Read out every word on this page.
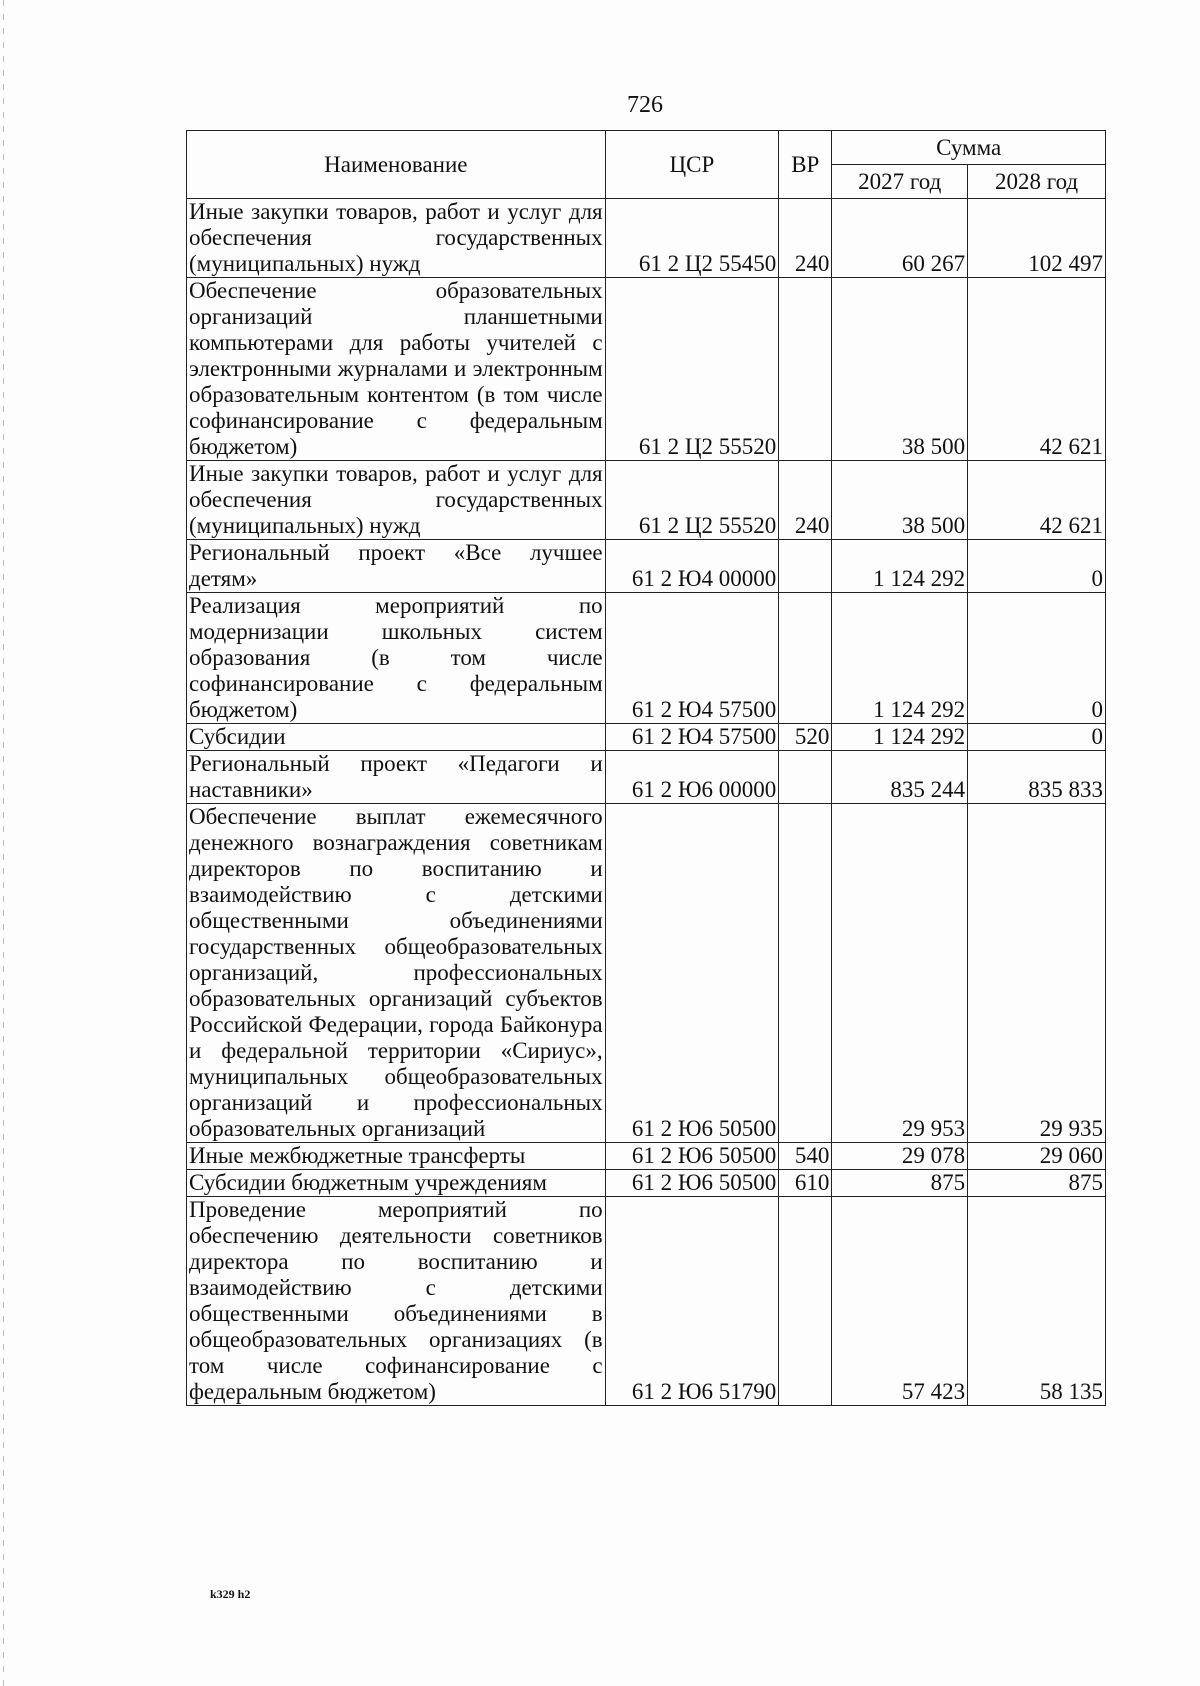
726
Наименование	ЦСР	ВР	Сумма	
			2027 год	2028 год
Иные закупки товаров, работ и услуг для обеспечения государственных (муниципальных) нужд	61 2 Ц2 55450	240	60 267	102 497
Обеспечение образовательных организаций планшетными компьютерами для работы учителей с электронными журналами и электронным образовательным контентом (в том числе софинансирование с федеральным бюджетом)	61 2 Ц2 55520		38 500	42 621
Иные закупки товаров, работ и услуг для обеспечения государственных (муниципальных) нужд	61 2 Ц2 55520	240	38 500	42 621
Региональный проект «Все лучшее детям»	61 2 Ю4 00000		1 124 292	0
Реализация мероприятий по модернизации школьных систем образования (в том числе софинансирование с федеральным бюджетом)	61 2 Ю4 57500		1 124 292	0
Субсидии	61 2 Ю4 57500	520	1 124 292	0
Региональный проект «Педагоги и наставники»	61 2 Ю6 00000		835 244	835 833
Обеспечение выплат ежемесячного денежного вознаграждения советникам директоров по воспитанию и взаимодействию с детскими общественными объединениями государственных общеобразовательных организаций, профессиональных образовательных организаций субъектов Российской Федерации, города Байконура и федеральной территории «Сириус», муниципальных общеобразовательных организаций и профессиональных образовательных организаций	61 2 Ю6 50500		29 953	29 935
Иные межбюджетные трансферты	61 2 Ю6 50500	540	29 078	29 060
Субсидии бюджетным учреждениям	61 2 Ю6 50500	610	875	875
Проведение мероприятий по обеспечению деятельности советников директора по воспитанию и взаимодействию с детскими общественными объединениями в общеобразовательных организациях (в том числе софинансирование с федеральным бюджетом)	61 2 Ю6 51790		57 423	58 135
k329 h2
